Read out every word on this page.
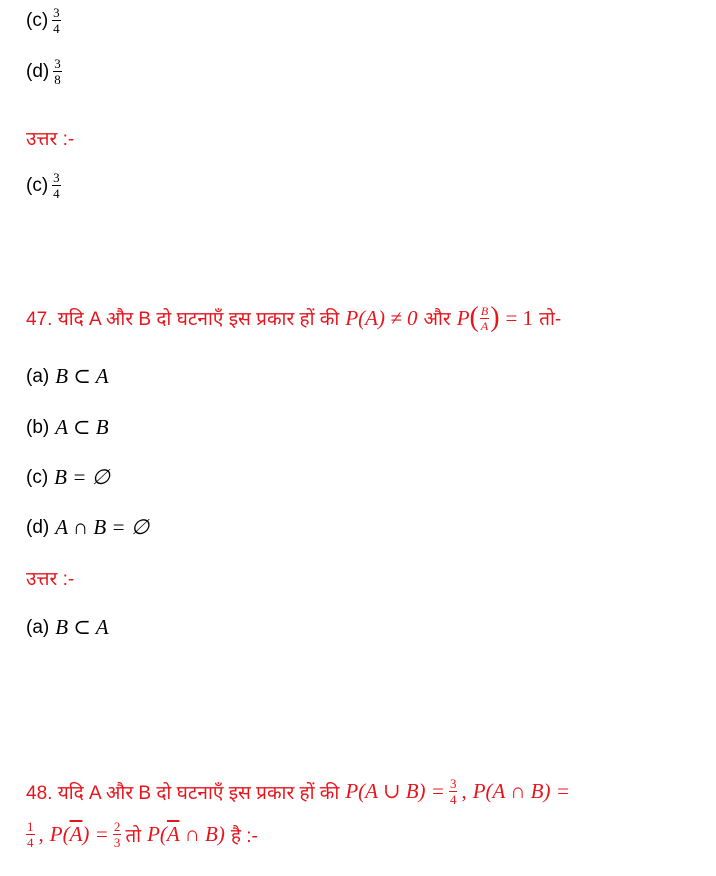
$(c) \frac{3}{4}$
$(d) \frac{3}{8}$
उत्तर :-
$(c) \frac{3}{4}$
47. यदि A और B दो घटनाएँ इस प्रकार हों की P(A) ≠ 0 और P ( $\frac{B}{A}$ ) = 1 तो-
(a) B ⊂ A
(b) A ⊂ B
(c) B = ∅
(d) A ∩ B = ∅
उत्तर :-
(a) B ⊂ A
48. यदि A और B दो घटनाएँ इस प्रकार हों की P(A ∪ $B) = \frac{3}{4}$ , P(A ∩ B) =
$\frac{1}{4}$ , $P(\overline{A}) = \frac{2}{3}$ तो $P(\overline{A}$ ∩ B) है :-
